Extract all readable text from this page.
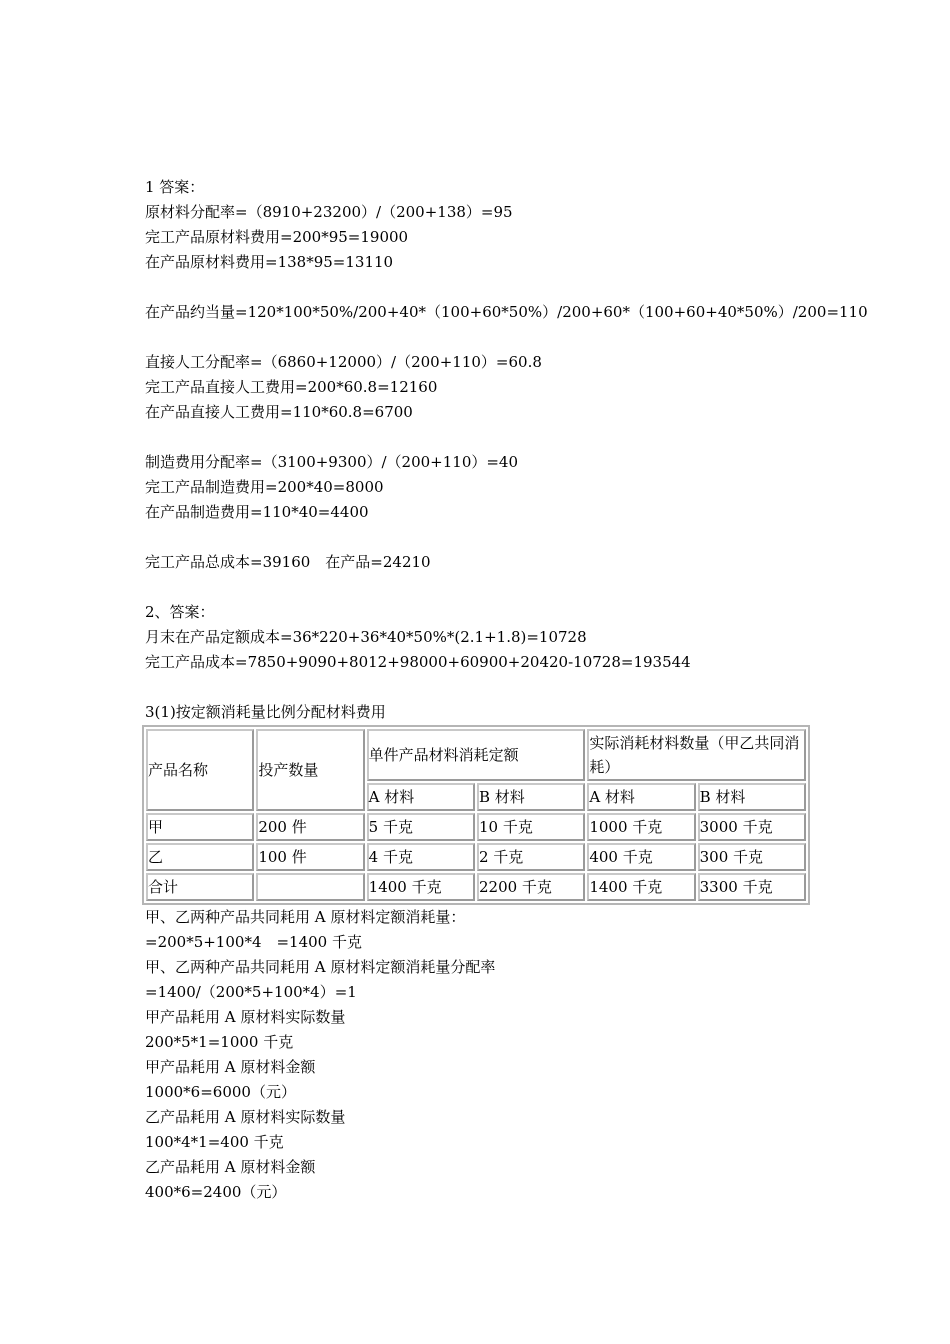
1 答案：
原材料分配率=（8910+23200）/（200+138）=95
完工产品原材料费用=200*95=19000
在产品原材料费用=138*95=13110
在产品约当量=120*100*50%/200+40*（100+60*50%）/200+60*（100+60+40*50%）/200=110
直接人工分配率=（6860+12000）/（200+110）=60.8
完工产品直接人工费用=200*60.8=12160
在产品直接人工费用=110*60.8=6700
制造费用分配率=（3100+9300）/（200+110）=40
完工产品制造费用=200*40=8000
在产品制造费用=110*40=4400
完工产品总成本=39160　在产品=24210
2、答案：
月末在产品定额成本=36*220+36*40*50%*(2.1+1.8)=10728
完工产品成本=7850+9090+8012+98000+60900+20420-10728=193544
3(1)按定额消耗量比例分配材料费用
产品名称	投产数量	单件产品材料消耗定额		实际消耗材料数量（甲乙共同消耗）	
		A 材料	B 材料	A 材料	B 材料
甲	200 件	5 千克	10 千克	1000 千克	3000 千克
乙	100 件	4 千克	2 千克	400 千克	300 千克
合计		1400 千克	2200 千克	1400 千克	3300 千克
甲、乙两种产品共同耗用 A 原材料定额消耗量：
=200*5+100*4　=1400 千克
甲、乙两种产品共同耗用 A 原材料定额消耗量分配率
=1400/（200*5+100*4）=1
甲产品耗用 A 原材料实际数量
200*5*1=1000 千克
甲产品耗用 A 原材料金额
1000*6=6000（元）
乙产品耗用 A 原材料实际数量
100*4*1=400 千克
乙产品耗用 A 原材料金额
400*6=2400（元）
